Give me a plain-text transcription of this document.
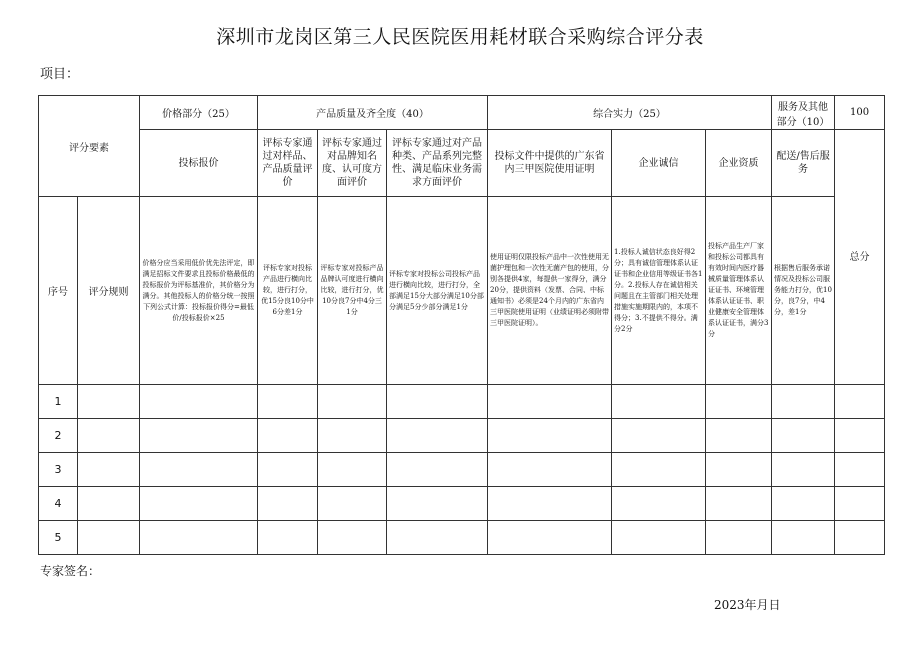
深圳市龙岗区第三人民医院医用耗材联合采购综合评分表
项目：
评分要素		价格部分（25）	产品质量及齐全度（40）			综合实力（25）			服务及其他部分（10）	100
		投标报价	评标专家通过对样品、产品质量评价	评标专家通过对品牌知名度、认可度方面评价	评标专家通过对产品种类、产品系列完整性、满足临床业务需求方面评价	投标文件中提供的广东省内三甲医院使用证明	企业诚信	企业资质	配送/售后服务	总分
序号	评分规则	价格分应当采用低价优先法评定，即满足招标文件要求且投标价格最低的投标报价为评标基准价，其价格分为满分。其他投标人的价格分统一按照下列公式计算：投标报价得分=最低价/投标报价×25	评标专家对投标产品进行横向比较，进行打分，优15分良10分中6分差1分	评标专家对投标产品品牌认可度进行横向比较，进行打分，优10分良7分中4分三1分	评标专家对投标公司投标产品进行横向比较，进行打分，全部满足15分大部分满足10分部分满足5分少部分满足1分	使用证明仅限投标产品中一次性使用无菌护理包和一次性无菌产包的使用，分别各提供4家，每提供一家得分，满分20分，提供资料（发票、合同、中标通知书）必须是24个月内的广东省内三甲医院使用证明（业绩证明必须附带三甲医院证明）。	1.投标人诚信状态良好得2分；具有诚信管理体系认证证书和企业信用等级证书各1分。2.投标人存在诚信相关问题且在主管部门相关处理措施实施期限内的，本项不得分；3.不提供不得分。满分2分	投标产品生产厂家和投标公司都具有有效时间内医疗器械质量管理体系认证证书、环境管理体系认证证书、职业健康安全管理体系认证证书，满分3分	根据售后服务承诺情况及投标公司服务能力打分，优10分，良7分，中4分，差1分	
1										
2										
3										
4										
5										
专家签名：
2023年月日
